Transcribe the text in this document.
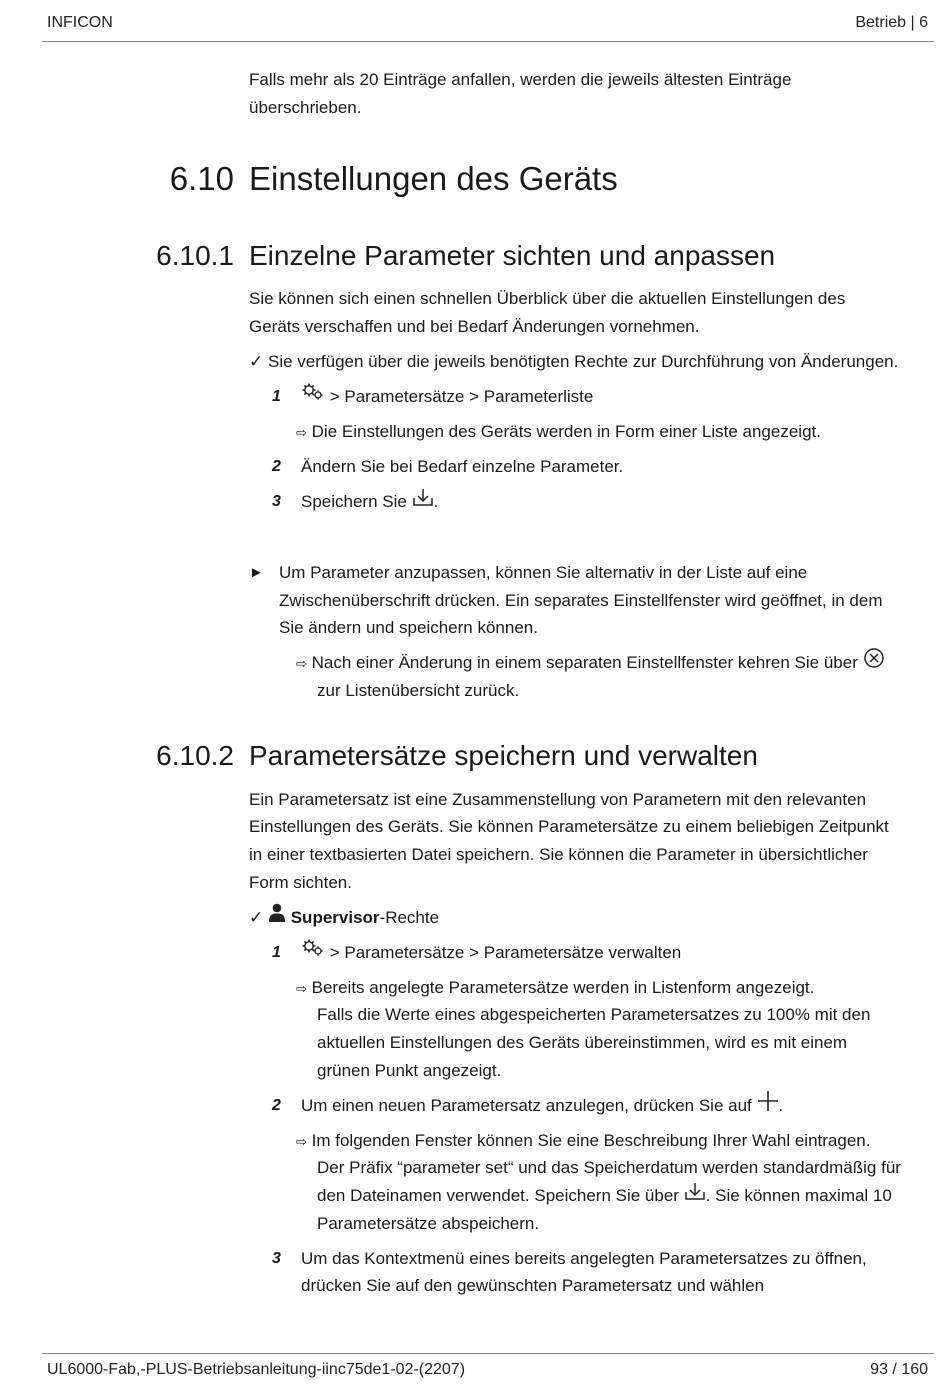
INFICON	Betrieb | 6
Falls mehr als 20 Einträge anfallen, werden die jeweils ältesten Einträge
überschrieben.
6.10 Einstellungen des Geräts
6.10.1 Einzelne Parameter sichten und anpassen
Sie können sich einen schnellen Überblick über die aktuellen Einstellungen des
Geräts verschaffen und bei Bedarf Änderungen vornehmen.
✓ Sie verfügen über die jeweils benötigten Rechte zur Durchführung von Änderungen.
1	> Parametersätze > Parameterliste
⇨ Die Einstellungen des Geräts werden in Form einer Liste angezeigt.
2 Ändern Sie bei Bedarf einzelne Parameter.
3 Speichern Sie .
► Um Parameter anzupassen, können Sie alternativ in der Liste auf eine
Zwischenüberschrift drücken. Ein separates Einstellfenster wird geöffnet, in dem
Sie ändern und speichern können.
⇨ Nach einer Änderung in einem separaten Einstellfenster kehren Sie über
zur Listenübersicht zurück.
6.10.2 Parametersätze speichern und verwalten
Ein Parametersatz ist eine Zusammenstellung von Parametern mit den relevanten
Einstellungen des Geräts. Sie können Parametersätze zu einem beliebigen Zeitpunkt
in einer textbasierten Datei speichern. Sie können die Parameter in übersichtlicher
Form sichten.
✓ Supervisor-Rechte
1	> Parametersätze > Parametersätze verwalten
⇨ Bereits angelegte Parametersätze werden in Listenform angezeigt.
Falls die Werte eines abgespeicherten Parametersatzes zu 100% mit den
aktuellen Einstellungen des Geräts übereinstimmen, wird es mit einem
grünen Punkt angezeigt.
2 Um einen neuen Parametersatz anzulegen, drücken Sie auf .
⇨ Im folgenden Fenster können Sie eine Beschreibung Ihrer Wahl eintragen.
Der Präfix “parameter set“ und das Speicherdatum werden standardmäßig für
den Dateinamen verwendet. Speichern Sie über . Sie können maximal 10
Parametersätze abspeichern.
3 Um das Kontextmenü eines bereits angelegten Parametersatzes zu öffnen,
drücken Sie auf den gewünschten Parametersatz und wählen
UL6000-Fab,-PLUS-Betriebsanleitung-iinc75de1-02-(2207)	93 / 160
